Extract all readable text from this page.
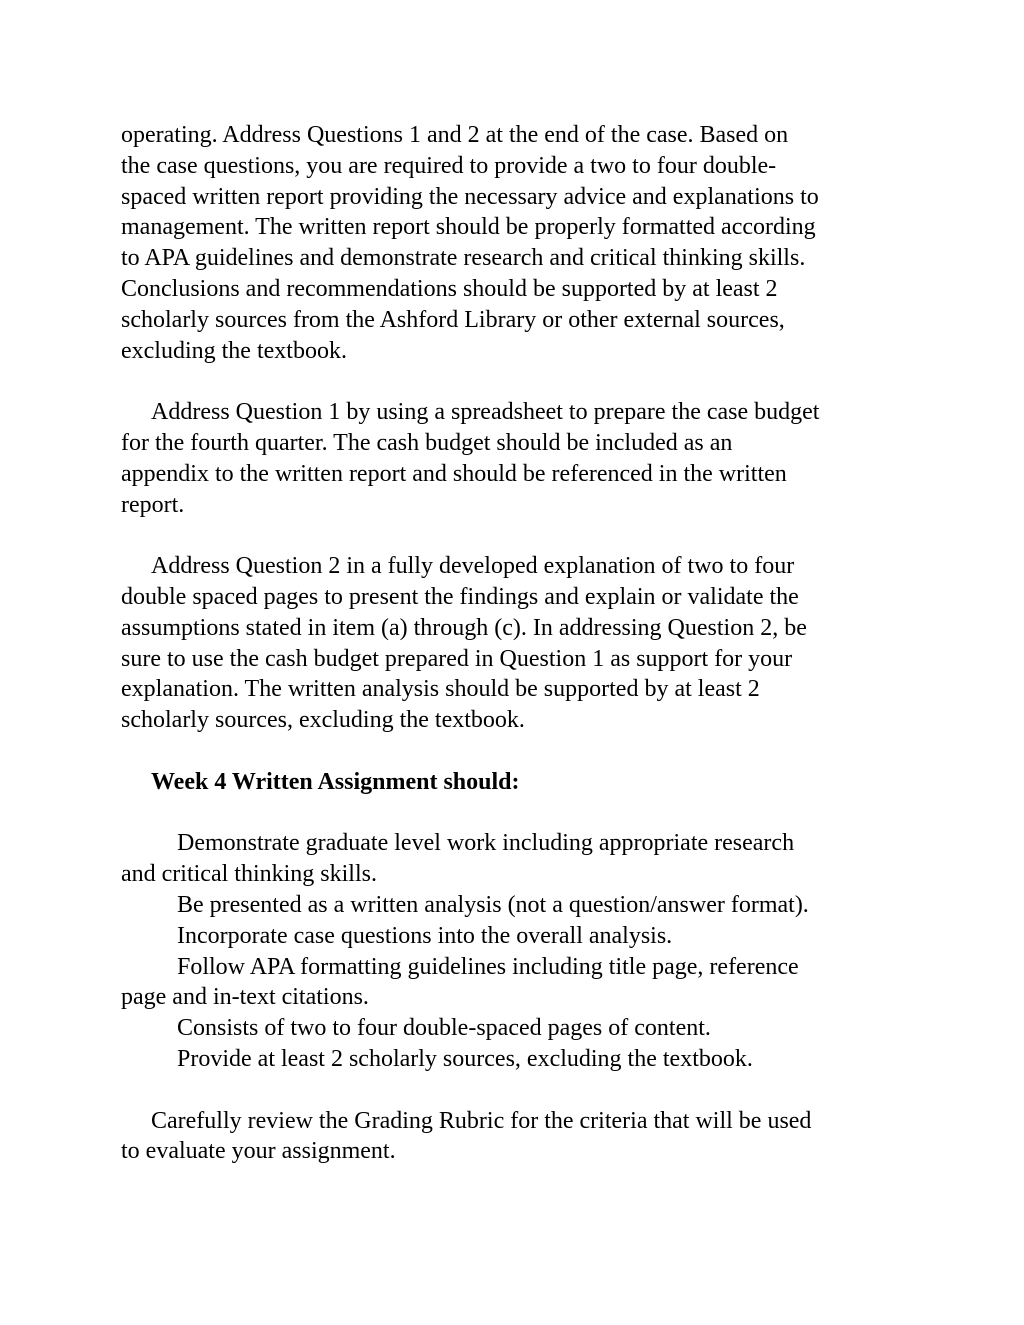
operating. Address Questions 1 and 2 at the end of the case. Based on
the case questions, you are required to provide a two to four double-
spaced written report providing the necessary advice and explanations to
management. The written report should be properly formatted according
to APA guidelines and demonstrate research and critical thinking skills.
Conclusions and recommendations should be supported by at least 2
scholarly sources from the Ashford Library or other external sources,
excluding the textbook.

Address Question 1 by using a spreadsheet to prepare the case budget
for the fourth quarter. The cash budget should be included as an
appendix to the written report and should be referenced in the written
report.

Address Question 2 in a fully developed explanation of two to four
double spaced pages to present the findings and explain or validate the
assumptions stated in item (a) through (c). In addressing Question 2, be
sure to use the cash budget prepared in Question 1 as support for your
explanation. The written analysis should be supported by at least 2
scholarly sources, excluding the textbook.

Week 4 Written Assignment should:

Demonstrate graduate level work including appropriate research
and critical thinking skills.

Be presented as a written analysis (not a question/answer format).

Incorporate case questions into the overall analysis.

Follow APA formatting guidelines including title page, reference
page and in-text citations.

Consists of two to four double-spaced pages of content.

Provide at least 2 scholarly sources, excluding the textbook.

Carefully review the Grading Rubric for the criteria that will be used
to evaluate your assignment.
